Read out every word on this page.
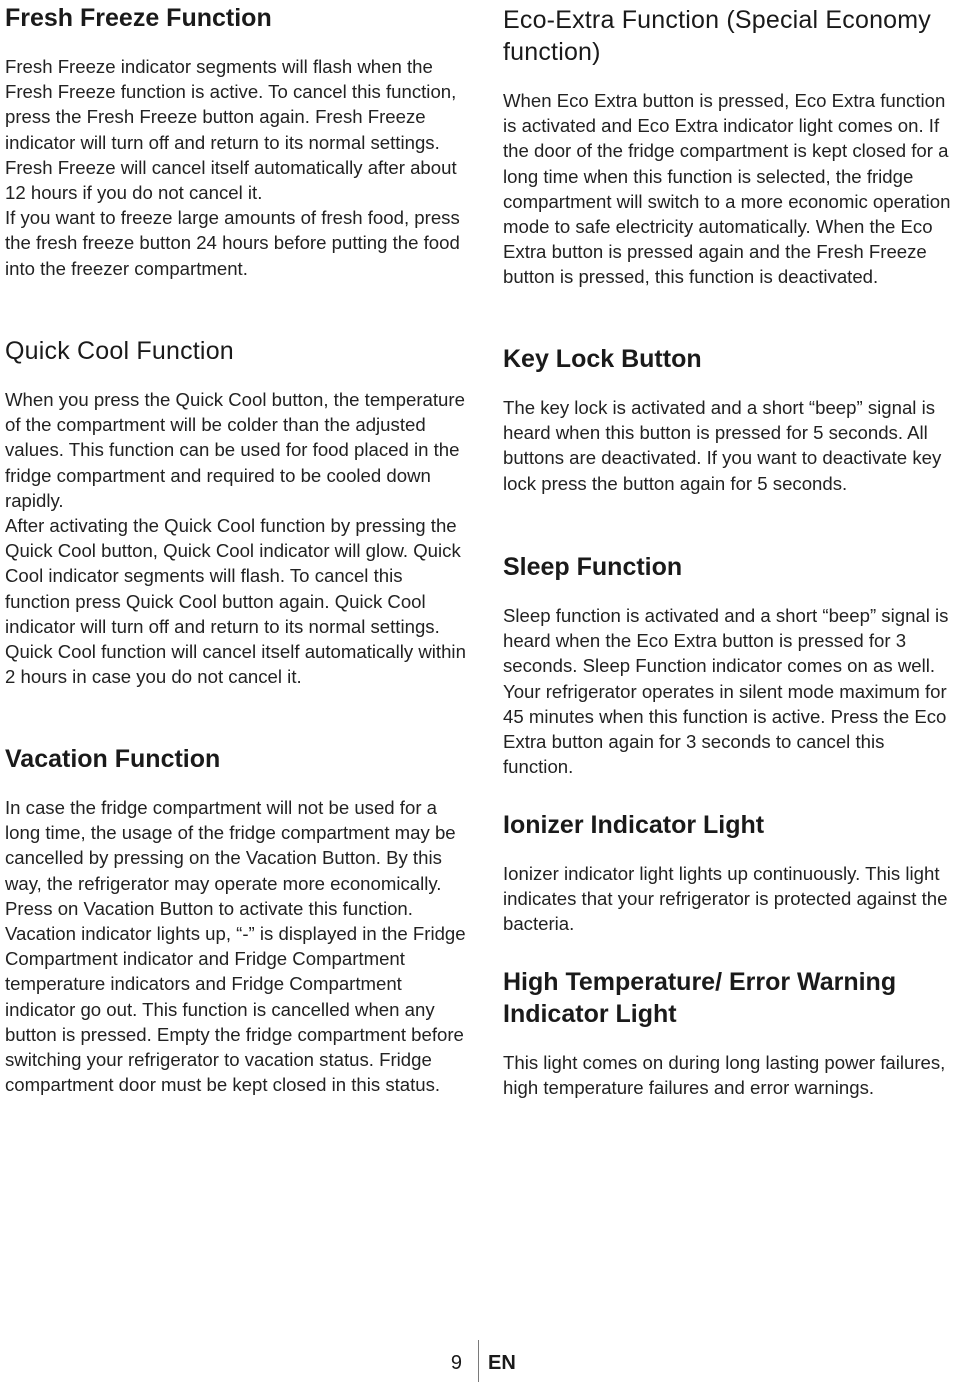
Fresh Freeze Function

Fresh Freeze indicator segments will flash when the Fresh Freeze function is active. To cancel this function, press the Fresh Freeze button again. Fresh Freeze indicator will turn off and return to its normal settings. Fresh Freeze will cancel itself automatically after about 12 hours if you do not cancel it.

If you want to freeze large amounts of fresh food, press the fresh freeze button 24 hours before putting the food into the freezer compartment.

Quick Cool Function

When you press the Quick Cool button, the temperature of the compartment will be colder than the adjusted values. This function can be used for food placed in the fridge compartment and required to be cooled down rapidly.

After activating the Quick Cool function by pressing the Quick Cool button, Quick Cool indicator will glow. Quick Cool indicator segments will flash. To cancel this function press Quick Cool button again. Quick Cool indicator will turn off and return to its normal settings. Quick Cool function will cancel itself automatically within 2 hours in case you do not cancel it.

Vacation Function

In case the fridge compartment will not be used for a long time, the usage of the fridge compartment may be cancelled by pressing on the Vacation Button. By this way, the refrigerator may operate more economically. Press on Vacation Button to activate this function. Vacation indicator lights up, “-” is displayed in the Fridge Compartment indicator and Fridge Compartment temperature indicators and Fridge Compartment indicator go out. This function is cancelled when any button is pressed. Empty the fridge compartment before switching your refrigerator to vacation status. Fridge compartment door must be kept closed in this status.

Eco-Extra Function (Special Economy function)

When Eco Extra button is pressed, Eco Extra function is activated and Eco Extra indicator light comes on. If the door of the fridge compartment is kept closed for a long time when this function is selected, the fridge compartment will switch to a more economic operation mode to safe electricity automatically. When the Eco Extra button is pressed again and the Fresh Freeze button is pressed, this function is deactivated.

Key Lock Button

The key lock is activated and a short “beep” signal is heard when this button is pressed for 5 seconds. All buttons are deactivated. If you want to deactivate key lock press the button again for 5 seconds.

Sleep Function

Sleep function is activated and a short “beep” signal is heard when the Eco Extra button is pressed for 3 seconds. Sleep Function indicator comes on as well. Your refrigerator operates in silent mode maximum for 45 minutes when this function is active. Press the Eco Extra button again for 3 seconds to cancel this function.

Ionizer Indicator Light

Ionizer indicator light lights up continuously. This light indicates that your refrigerator is protected against the bacteria.

High Temperature/ Error Warning Indicator Light

This light comes on during long lasting power failures, high temperature failures and error warnings.

9 EN
